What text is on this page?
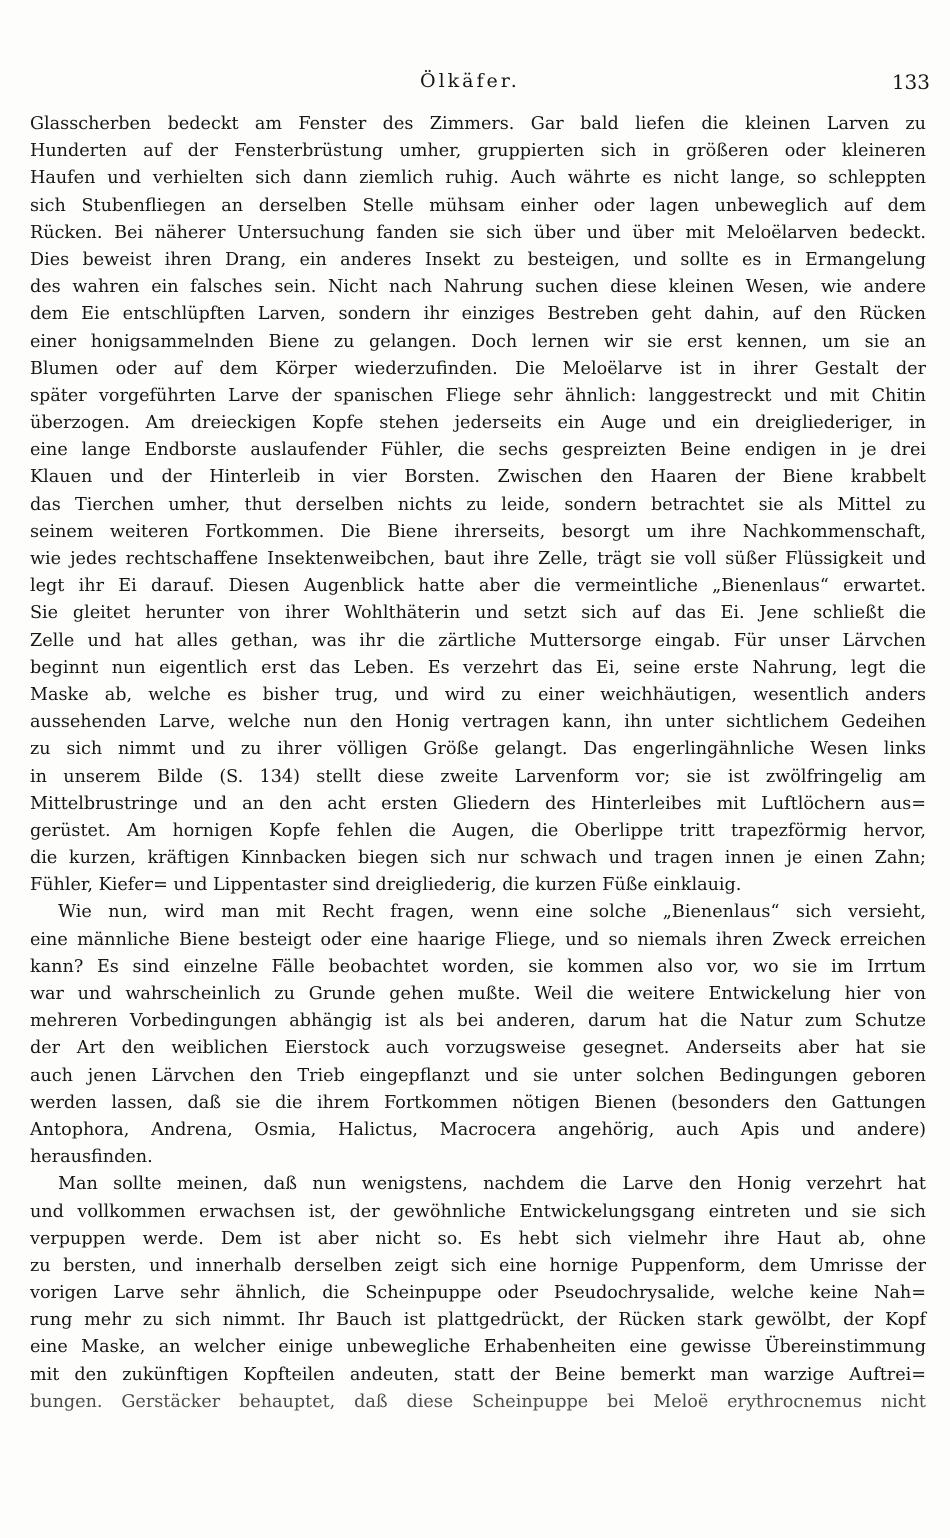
Ölkäfer.	133
Glasscherben bedeckt am Fenster des Zimmers. Gar bald liefen die kleinen Larven zu
Hunderten auf der Fensterbrüstung umher, gruppierten sich in größeren oder kleineren
Haufen und verhielten sich dann ziemlich ruhig. Auch währte es nicht lange, so schleppten
sich Stubenfliegen an derselben Stelle mühsam einher oder lagen unbeweglich auf dem
Rücken. Bei näherer Untersuchung fanden sie sich über und über mit Meloëlarven bedeckt.
Dies beweist ihren Drang, ein anderes Insekt zu besteigen, und sollte es in Ermangelung
des wahren ein falsches sein. Nicht nach Nahrung suchen diese kleinen Wesen, wie andere
dem Eie entschlüpften Larven, sondern ihr einziges Bestreben geht dahin, auf den Rücken
einer honigsammelnden Biene zu gelangen. Doch lernen wir sie erst kennen, um sie an
Blumen oder auf dem Körper wiederzufinden. Die Meloëlarve ist in ihrer Gestalt der
später vorgeführten Larve der spanischen Fliege sehr ähnlich: langgestreckt und mit Chitin
überzogen. Am dreieckigen Kopfe stehen jederseits ein Auge und ein dreigliederiger, in
eine lange Endborste auslaufender Fühler, die sechs gespreizten Beine endigen in je drei
Klauen und der Hinterleib in vier Borsten. Zwischen den Haaren der Biene krabbelt
das Tierchen umher, thut derselben nichts zu leide, sondern betrachtet sie als Mittel zu
seinem weiteren Fortkommen. Die Biene ihrerseits, besorgt um ihre Nachkommenschaft,
wie jedes rechtschaffene Insektenweibchen, baut ihre Zelle, trägt sie voll süßer Flüssigkeit und
legt ihr Ei darauf. Diesen Augenblick hatte aber die vermeintliche „Bienenlaus“ erwartet.
Sie gleitet herunter von ihrer Wohlthäterin und setzt sich auf das Ei. Jene schließt die
Zelle und hat alles gethan, was ihr die zärtliche Muttersorge eingab. Für unser Lärvchen
beginnt nun eigentlich erst das Leben. Es verzehrt das Ei, seine erste Nahrung, legt die
Maske ab, welche es bisher trug, und wird zu einer weichhäutigen, wesentlich anders
aussehenden Larve, welche nun den Honig vertragen kann, ihn unter sichtlichem Gedeihen
zu sich nimmt und zu ihrer völligen Größe gelangt. Das engerlingähnliche Wesen links
in unserem Bilde (S. 134) stellt diese zweite Larvenform vor; sie ist zwölfringelig am
Mittelbrustringe und an den acht ersten Gliedern des Hinterleibes mit Luftlöchern aus=
gerüstet. Am hornigen Kopfe fehlen die Augen, die Oberlippe tritt trapezförmig hervor,
die kurzen, kräftigen Kinnbacken biegen sich nur schwach und tragen innen je einen Zahn;
Fühler, Kiefer= und Lippentaster sind dreigliederig, die kurzen Füße einklauig.
Wie nun, wird man mit Recht fragen, wenn eine solche „Bienenlaus“ sich versieht,
eine männliche Biene besteigt oder eine haarige Fliege, und so niemals ihren Zweck erreichen
kann? Es sind einzelne Fälle beobachtet worden, sie kommen also vor, wo sie im Irrtum
war und wahrscheinlich zu Grunde gehen mußte. Weil die weitere Entwickelung hier von
mehreren Vorbedingungen abhängig ist als bei anderen, darum hat die Natur zum Schutze
der Art den weiblichen Eierstock auch vorzugsweise gesegnet. Anderseits aber hat sie
auch jenen Lärvchen den Trieb eingepflanzt und sie unter solchen Bedingungen geboren
werden lassen, daß sie die ihrem Fortkommen nötigen Bienen (besonders den Gattungen
Antophora, Andrena, Osmia, Halictus, Macrocera angehörig, auch Apis und andere)
herausfinden.
Man sollte meinen, daß nun wenigstens, nachdem die Larve den Honig verzehrt hat
und vollkommen erwachsen ist, der gewöhnliche Entwickelungsgang eintreten und sie sich
verpuppen werde. Dem ist aber nicht so. Es hebt sich vielmehr ihre Haut ab, ohne
zu bersten, und innerhalb derselben zeigt sich eine hornige Puppenform, dem Umrisse der
vorigen Larve sehr ähnlich, die Scheinpuppe oder Pseudochrysalide, welche keine Nah=
rung mehr zu sich nimmt. Ihr Bauch ist plattgedrückt, der Rücken stark gewölbt, der Kopf
eine Maske, an welcher einige unbewegliche Erhabenheiten eine gewisse Übereinstimmung
mit den zukünftigen Kopfteilen andeuten, statt der Beine bemerkt man warzige Auftrei=
bungen. Gerstäcker behauptet, daß diese Scheinpuppe bei Meloë erythrocnemus nicht
